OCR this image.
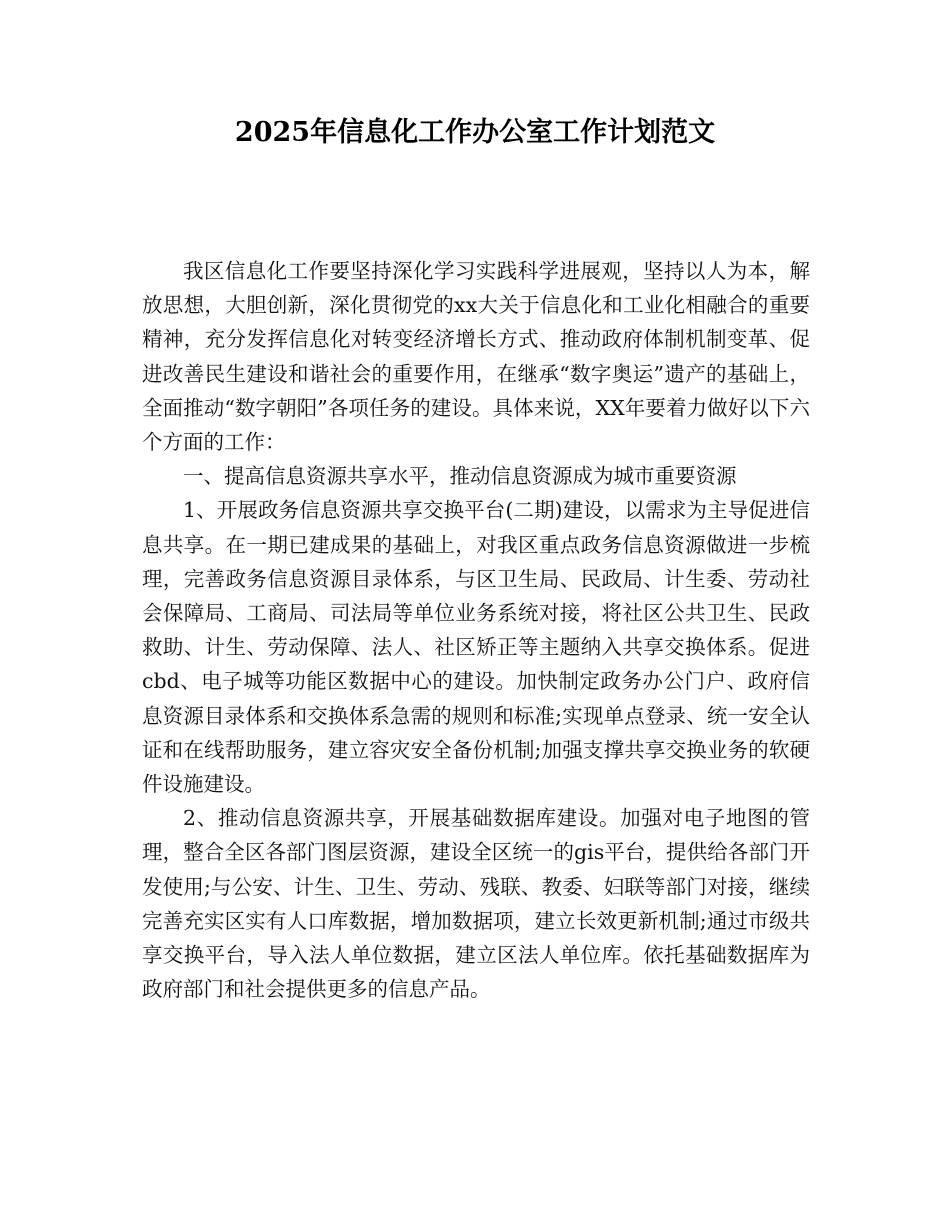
2025年信息化工作办公室工作计划范文

我区信息化工作要坚持深化学习实践科学进展观，坚持以人为本，解放思想，大胆创新，深化贯彻党的xx大关于信息化和工业化相融合的重要精神，充分发挥信息化对转变经济增长方式、推动政府体制机制变革、促进改善民生建设和谐社会的重要作用，在继承“数字奥运”遗产的基础上，全面推动“数字朝阳”各项任务的建设。具体来说，XX年要着力做好以下六个方面的工作：

一、提高信息资源共享水平，推动信息资源成为城市重要资源

1、开展政务信息资源共享交换平台(二期)建设，以需求为主导促进信息共享。在一期已建成果的基础上，对我区重点政务信息资源做进一步梳理，完善政务信息资源目录体系，与区卫生局、民政局、计生委、劳动社会保障局、工商局、司法局等单位业务系统对接，将社区公共卫生、民政救助、计生、劳动保障、法人、社区矫正等主题纳入共享交换体系。促进cbd、电子城等功能区数据中心的建设。加快制定政务办公门户、政府信息资源目录体系和交换体系急需的规则和标准;实现单点登录、统一安全认证和在线帮助服务，建立容灾安全备份机制;加强支撑共享交换业务的软硬件设施建设。

2、推动信息资源共享，开展基础数据库建设。加强对电子地图的管理，整合全区各部门图层资源，建设全区统一的gis平台，提供给各部门开发使用;与公安、计生、卫生、劳动、残联、教委、妇联等部门对接，继续完善充实区实有人口库数据，增加数据项，建立长效更新机制;通过市级共享交换平台，导入法人单位数据，建立区法人单位库。依托基础数据库为政府部门和社会提供更多的信息产品。
